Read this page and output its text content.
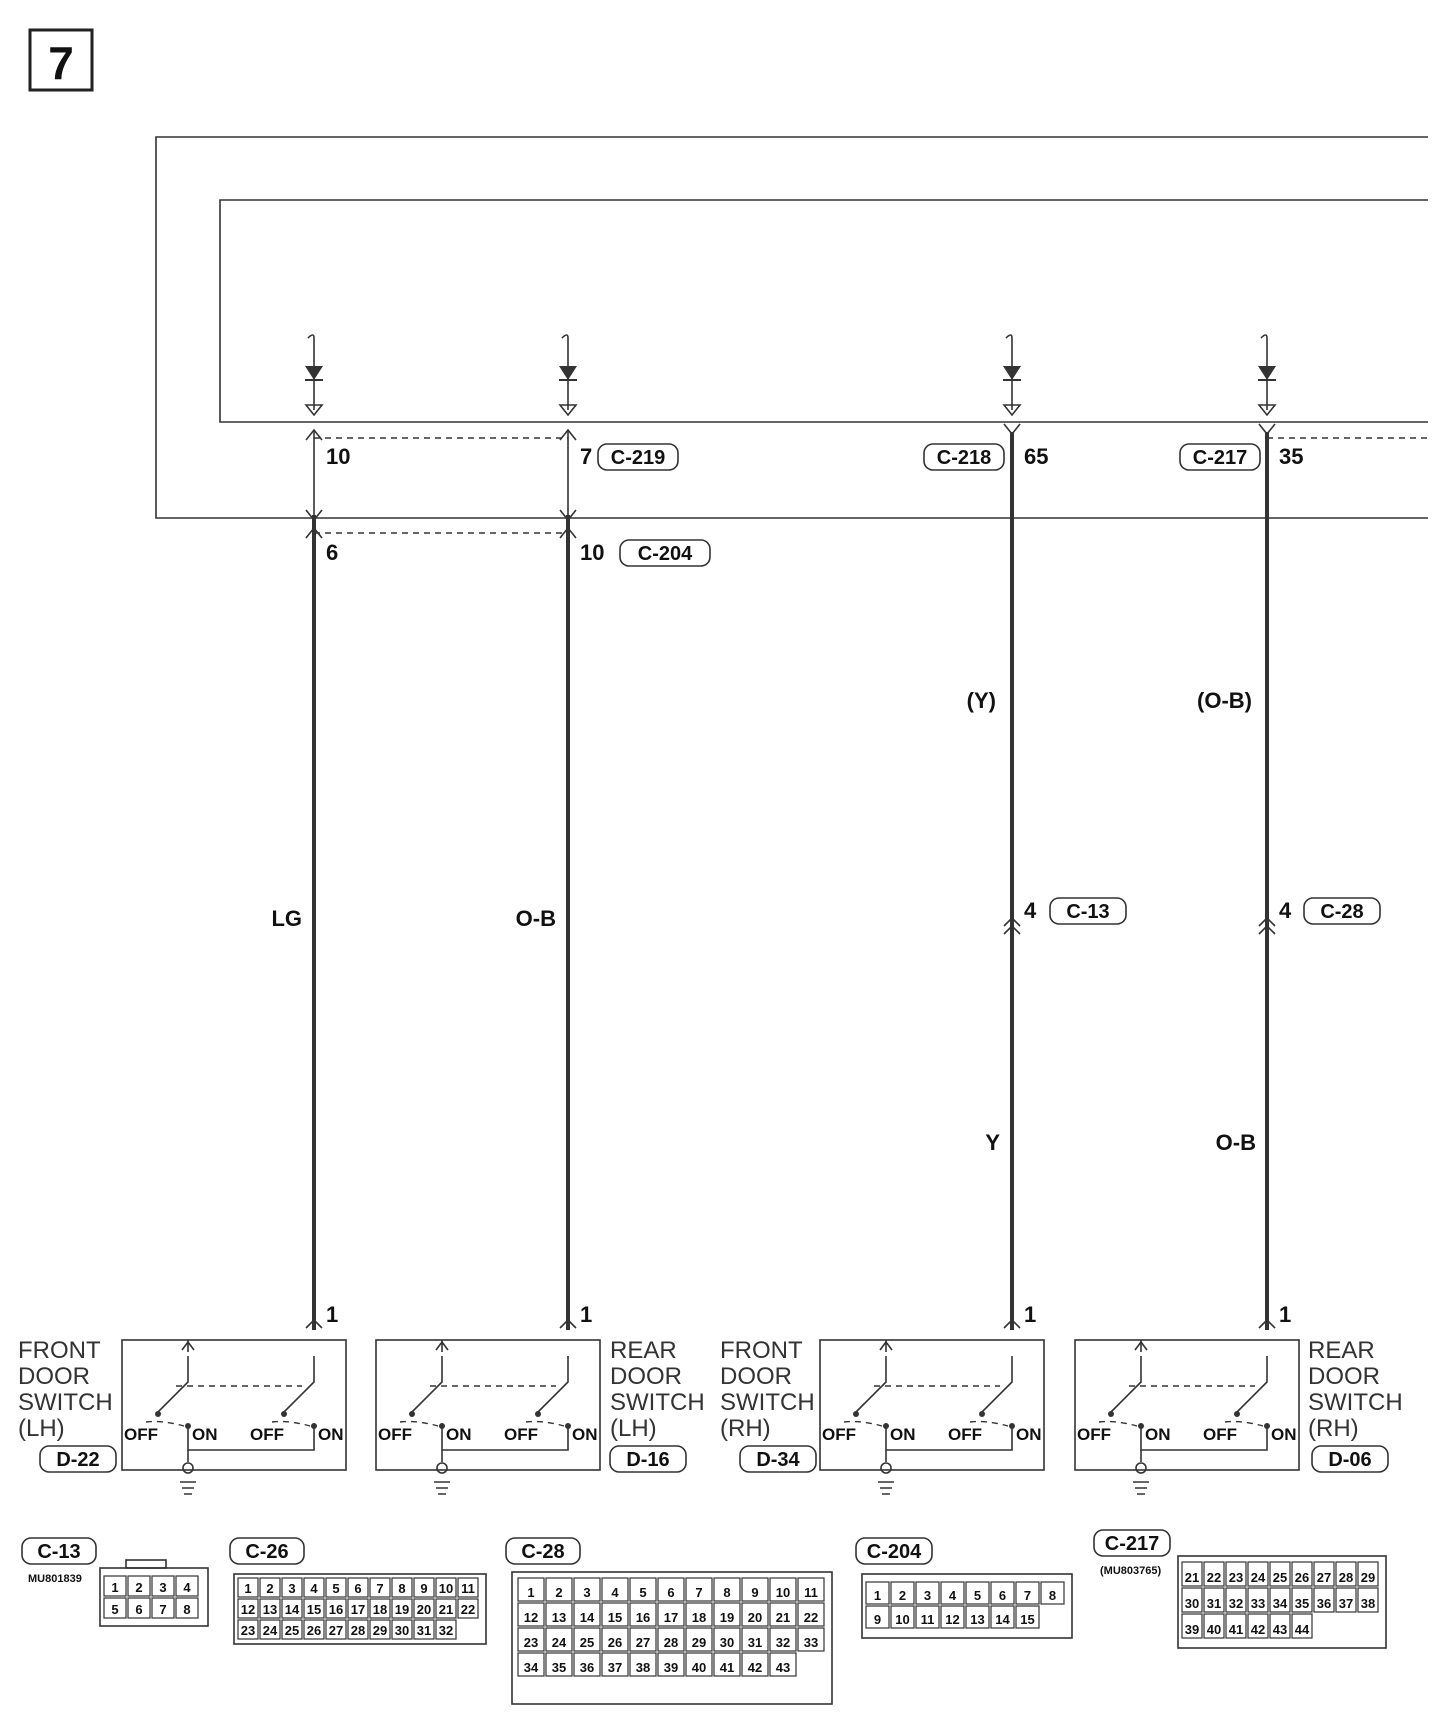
7
10	7 C-219	C-218 65	C-217 35
6	10 C-204
(Y)	(O-B)
LG	O-B
Y	O-B
4 C-13	4 C-28
1	1	1	1
OFF ON OFF ON OFF ON OFF ON	OFF ON OFF ON OFF ON OFF ON
FRONT
DOOR
SWITCH
(LH)
D-22
REAR
DOOR
SWITCH
(LH)
D-16
FRONT
DOOR
SWITCH
(RH)
D-34
REAR
DOOR
SWITCH
(RH)
D-06
C-13
MU801839
1 2 3 4
5 6 7 8
C-26
1 2 3 4 5 6 7 8 9 10 11
12 13 14 15 16 17 18 19 20 21 22
23 24 25 26 27 28 29 30 31 32
C-28
1 2 3 4 5 6 7 8 9 10 11
12 13 14 15 16 17 18 19 20 21 22
23 24 25 26 27 28 29 30 31 32 33
34 35 36 37 38 39 40 41 42 43
C-204
1 2 3 4 5 6 7 8
9 10 11 12 13 14 15
C-217
(MU803765) 21 22 23 24 25 26 27 28 29
30 31 32 33 34 35 36 37 38
39 40 41 42 43 44
